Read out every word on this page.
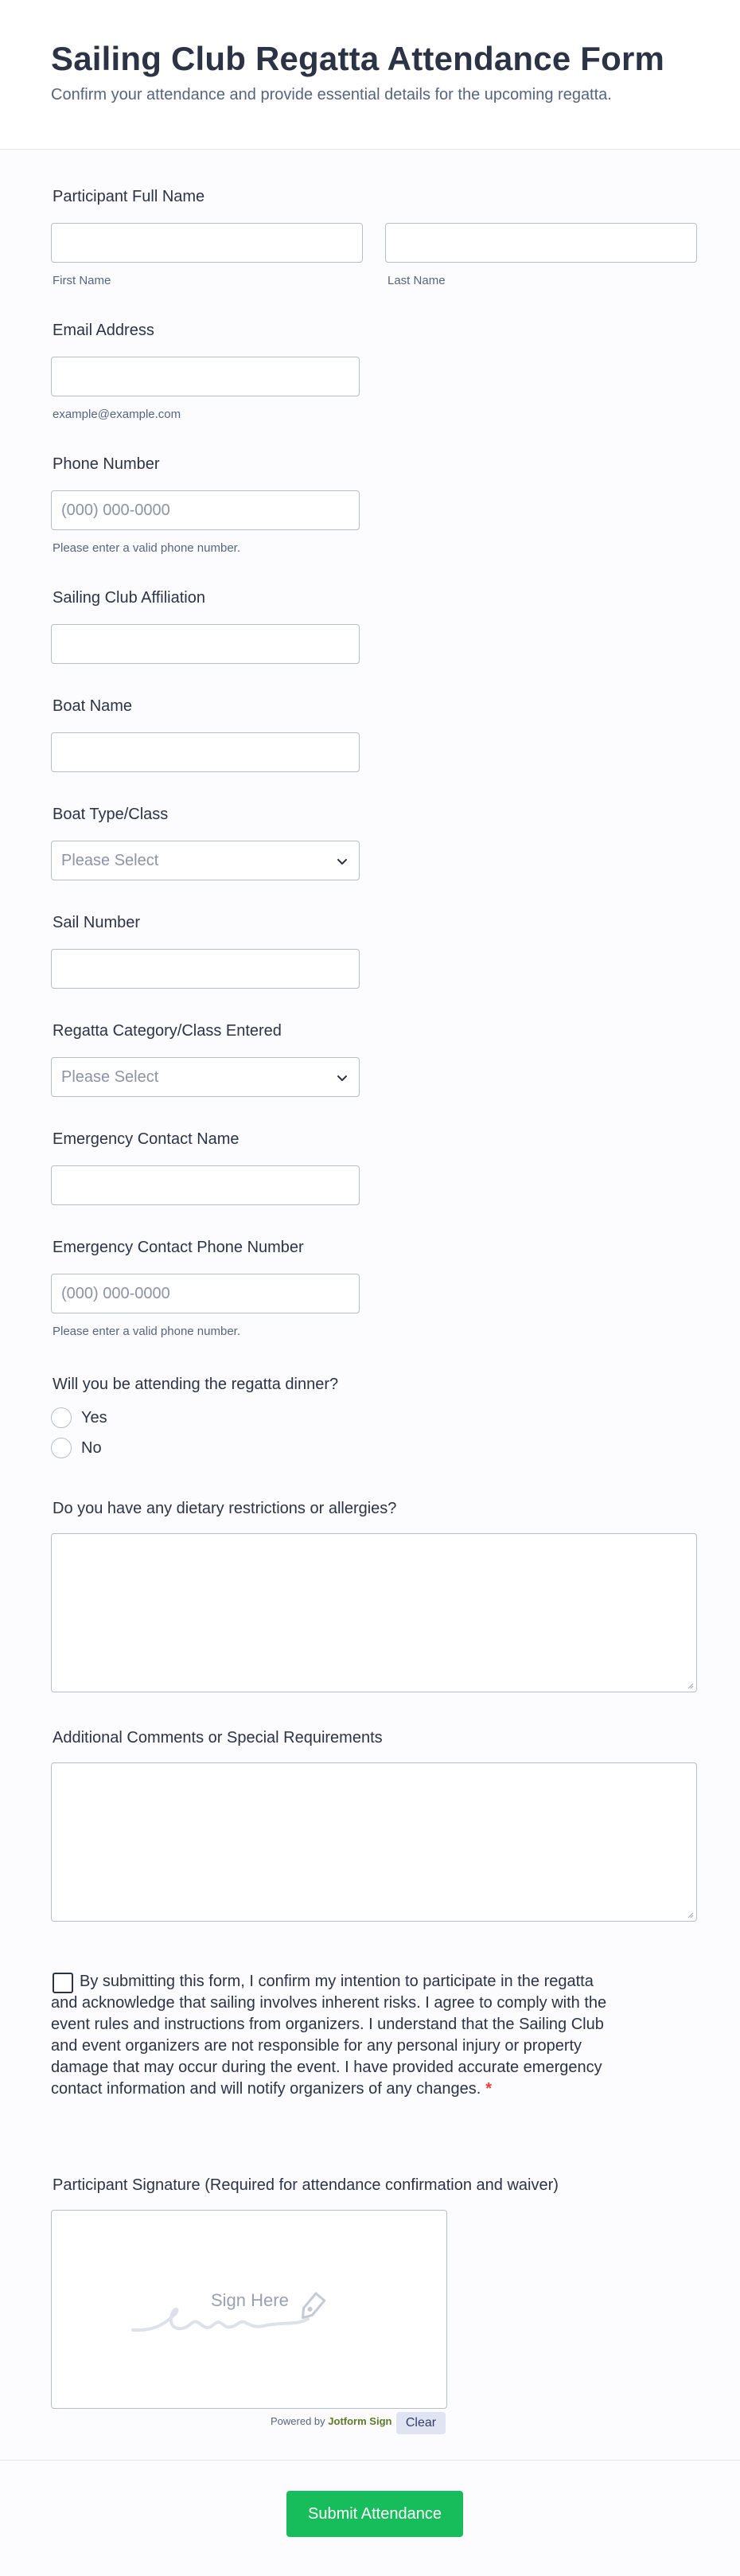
Sailing Club Regatta Attendance Form

Confirm your attendance and provide essential details for the upcoming regatta.

Participant Full Name
First Name	Last Name
Email Address
example@example.com
Phone Number
(000) 000-0000
Please enter a valid phone number.
Sailing Club Affiliation
Boat Name
Boat Type/Class
Please Select
Sail Number
Regatta Category/Class Entered
Please Select
Emergency Contact Name
Emergency Contact Phone Number
(000) 000-0000
Please enter a valid phone number.
Will you be attending the regatta dinner?
Yes
No
Do you have any dietary restrictions or allergies?
Additional Comments or Special Requirements

By submitting this form, I confirm my intention to participate in the regatta and acknowledge that sailing involves inherent risks. I agree to comply with the event rules and instructions from organizers. I understand that the Sailing Club and event organizers are not responsible for any personal injury or property damage that may occur during the event. I have provided accurate emergency contact information and will notify organizers of any changes. *

Participant Signature (Required for attendance confirmation and waiver)
Sign Here
Powered by Jotform Sign	Clear
Submit Attendance
